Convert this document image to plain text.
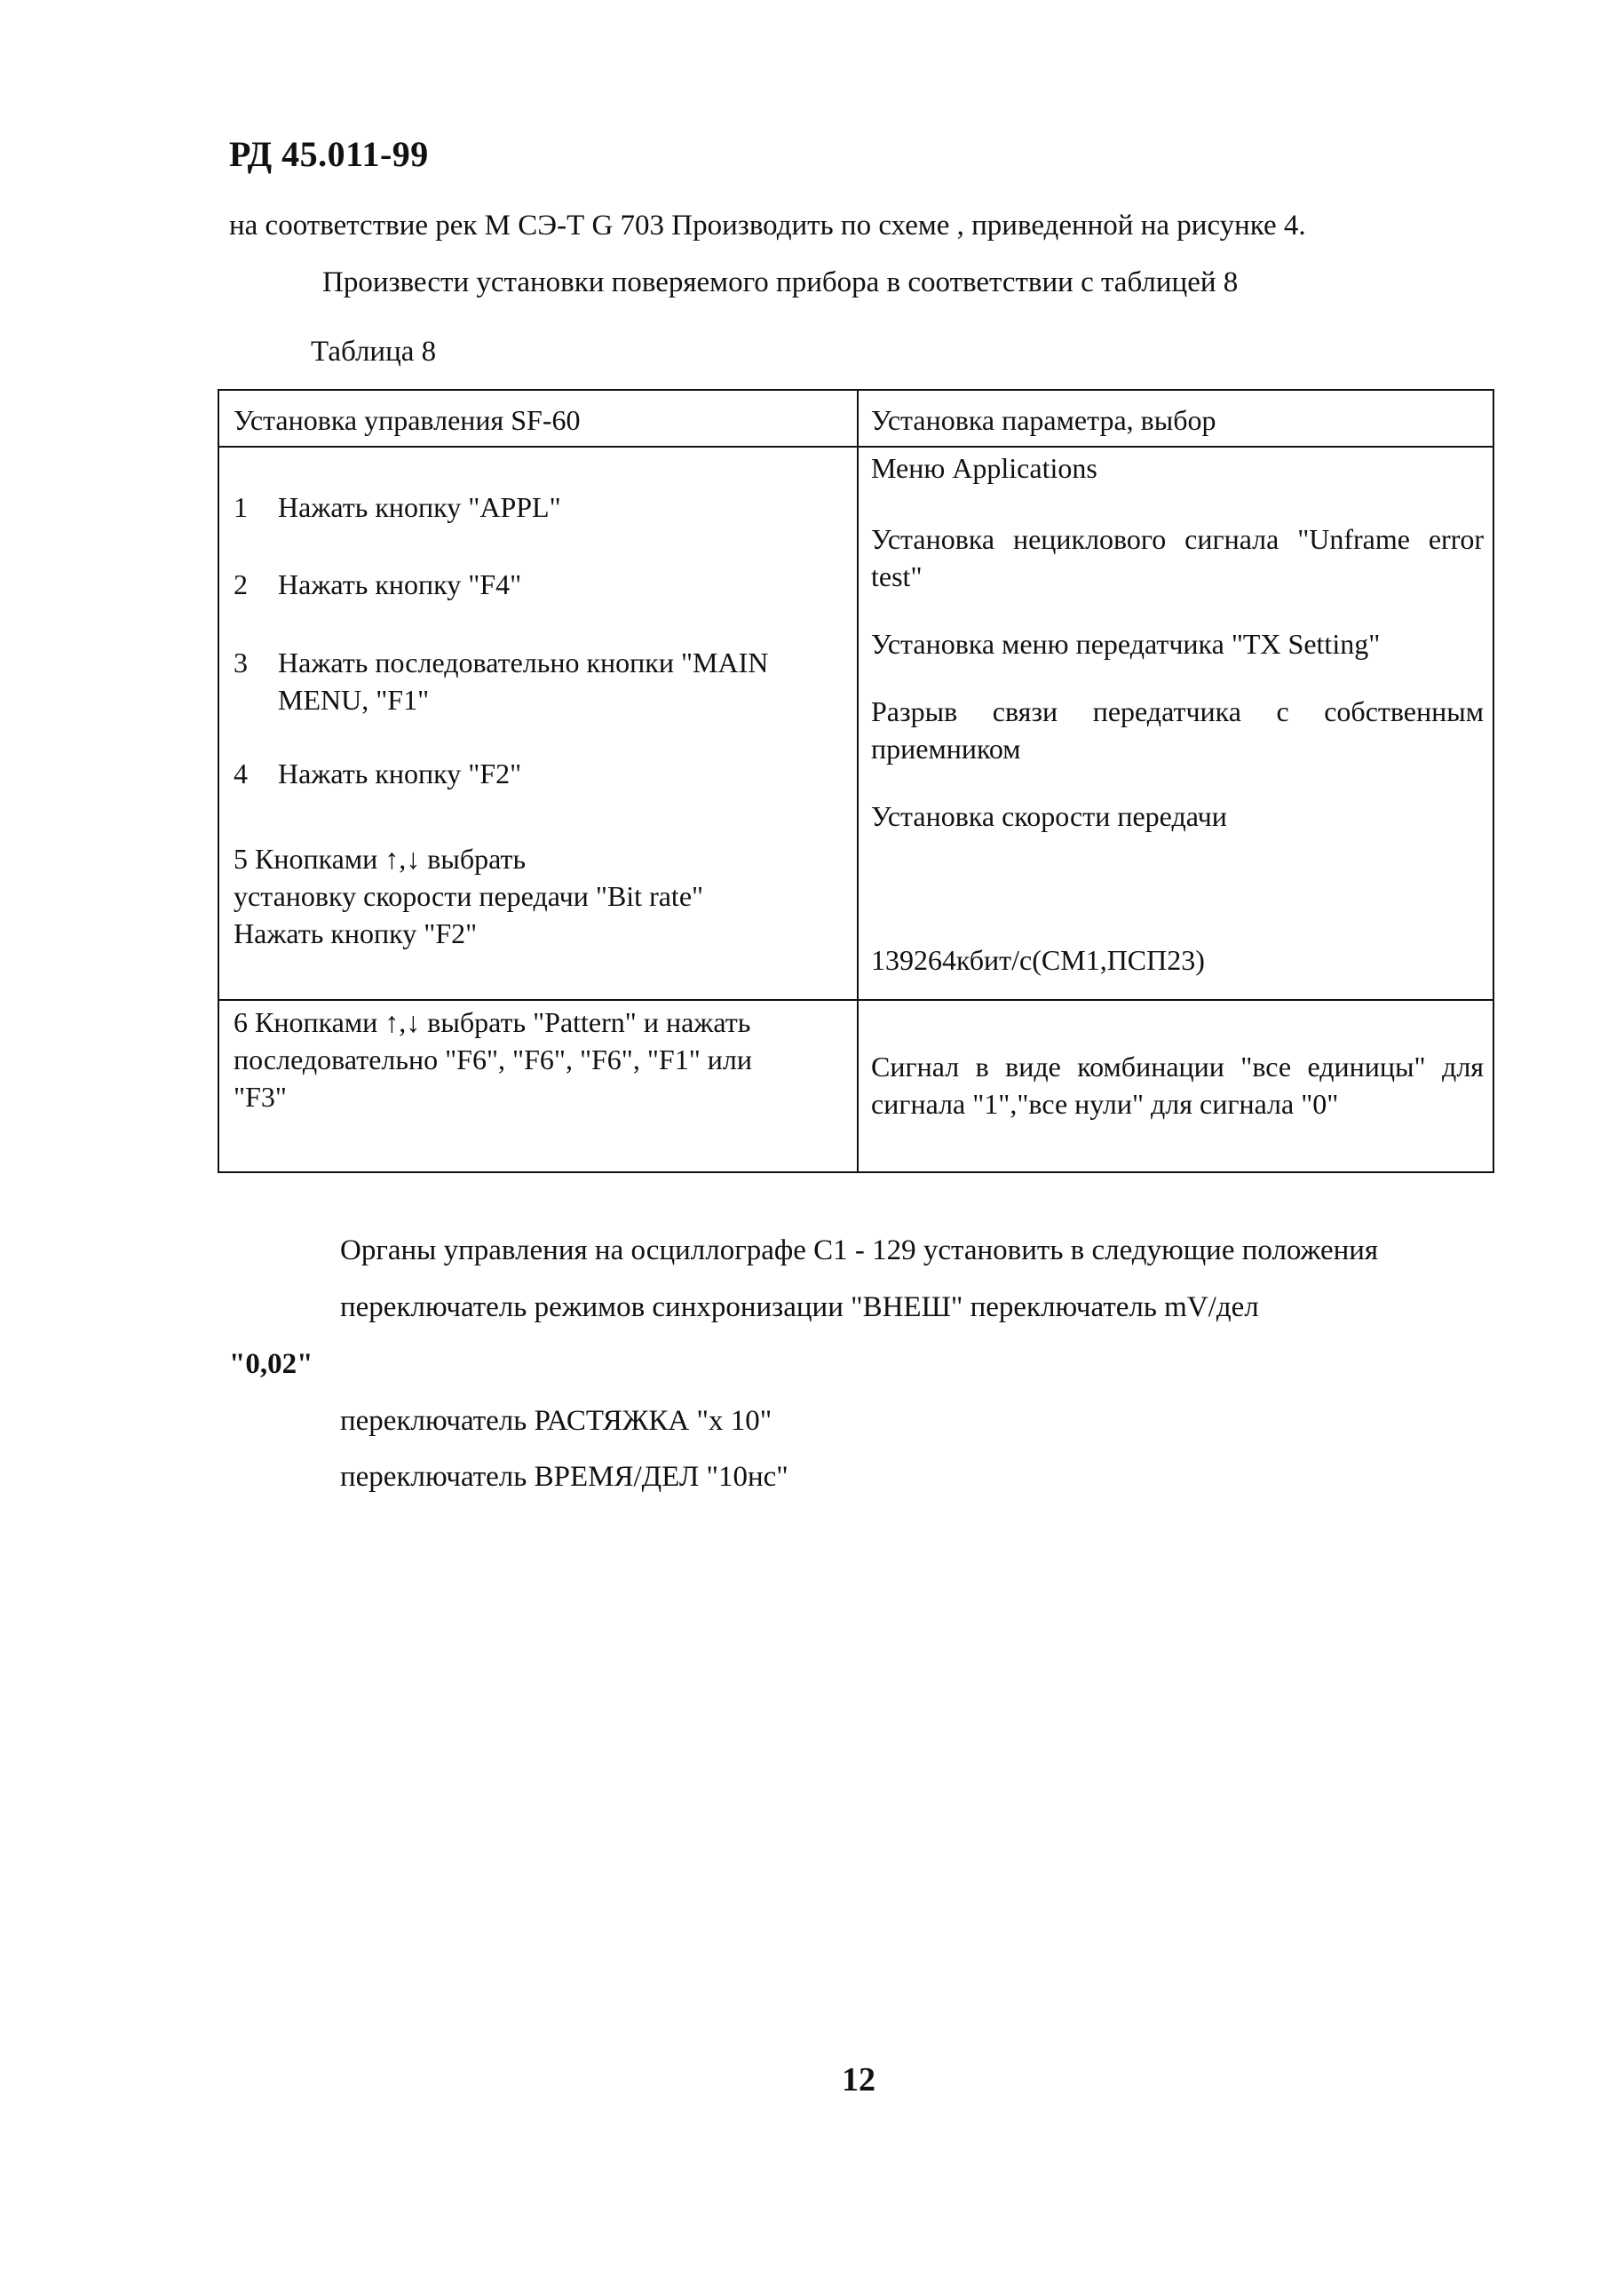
РД 45.011-99
на соответствие рек М СЭ-Т G 703 Производить по схеме , приведенной на рисунке 4.
Произвести установки поверяемого прибора в соответствии с таблицей 8
Таблица 8
Установка управления SF-60	Установка параметра, выбор
1 Нажать кнопку "APPL"
2 Нажать кнопку "F4"
3 Нажать последовательно кнопки "MAIN
MENU, "F1"
4 Нажать кнопку "F2"
5 Кнопками ↑,↓ выбрать
установку скорости передачи "Bit rate"
Нажать кнопку "F2"
Меню Applications
Установка нециклового сигнала "Unframe error test"
Установка меню передатчика "TX Setting"
Разрыв связи передатчика с собственным приемником
Установка скорости передачи
139264кбит/с(СМ1,ПСП23)
6 Кнопками ↑,↓ выбрать "Pattern" и нажать
последовательно "F6", "F6", "F6", "F1" или
"F3"
Сигнал в виде комбинации "все единицы" для сигнала "1","все нули" для сигнала "0"
Органы управления на осциллографе С1 - 129 установить в следующие положения
переключатель режимов синхронизации "ВНЕШ" переключатель mV/дел
"0,02"
переключатель РАСТЯЖКА "x 10"
переключатель ВРЕМЯ/ДЕЛ "10нс"
12
